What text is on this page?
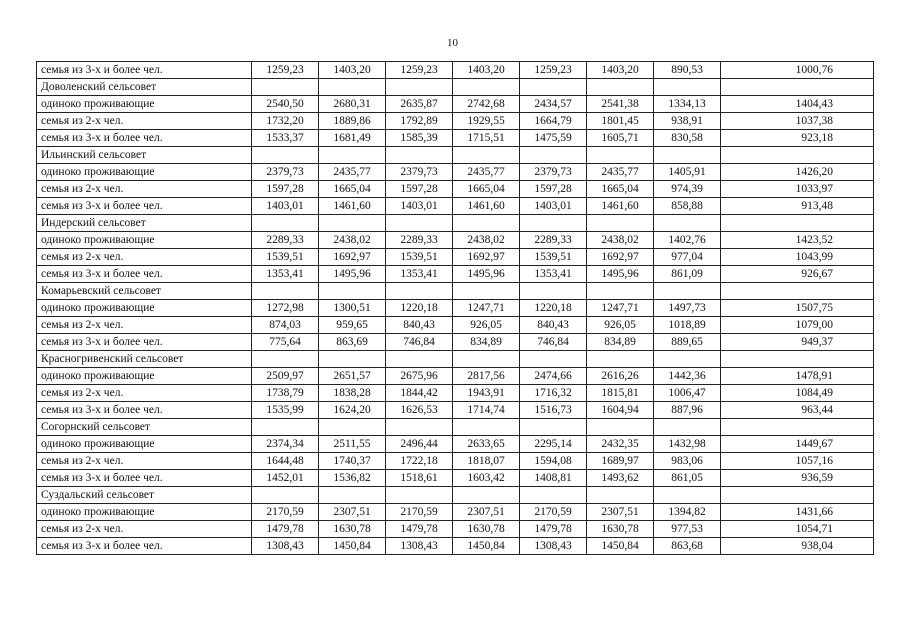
10
семья из 3-х и более чел.	1259,23	1403,20	1259,23	1403,20	1259,23	1403,20	890,53	1000,76
Доволенский сельсовет								
одиноко проживающие	2540,50	2680,31	2635,87	2742,68	2434,57	2541,38	1334,13	1404,43
семья из 2-х чел.	1732,20	1889,86	1792,89	1929,55	1664,79	1801,45	938,91	1037,38
семья из 3-х и более чел.	1533,37	1681,49	1585,39	1715,51	1475,59	1605,71	830,58	923,18
Ильинский сельсовет								
одиноко проживающие	2379,73	2435,77	2379,73	2435,77	2379,73	2435,77	1405,91	1426,20
семья из 2-х чел.	1597,28	1665,04	1597,28	1665,04	1597,28	1665,04	974,39	1033,97
семья из 3-х и более чел.	1403,01	1461,60	1403,01	1461,60	1403,01	1461,60	858,88	913,48
Индерский сельсовет								
одиноко проживающие	2289,33	2438,02	2289,33	2438,02	2289,33	2438,02	1402,76	1423,52
семья из 2-х чел.	1539,51	1692,97	1539,51	1692,97	1539,51	1692,97	977,04	1043,99
семья из 3-х и более чел.	1353,41	1495,96	1353,41	1495,96	1353,41	1495,96	861,09	926,67
Комарьевский сельсовет								
одиноко проживающие	1272,98	1300,51	1220,18	1247,71	1220,18	1247,71	1497,73	1507,75
семья из 2-х чел.	874,03	959,65	840,43	926,05	840,43	926,05	1018,89	1079,00
семья из 3-х и более чел.	775,64	863,69	746,84	834,89	746,84	834,89	889,65	949,37
Красногривенский сельсовет								
одиноко проживающие	2509,97	2651,57	2675,96	2817,56	2474,66	2616,26	1442,36	1478,91
семья из 2-х чел.	1738,79	1838,28	1844,42	1943,91	1716,32	1815,81	1006,47	1084,49
семья из 3-х и более чел.	1535,99	1624,20	1626,53	1714,74	1516,73	1604,94	887,96	963,44
Согорнский сельсовет								
одиноко проживающие	2374,34	2511,55	2496,44	2633,65	2295,14	2432,35	1432,98	1449,67
семья из 2-х чел.	1644,48	1740,37	1722,18	1818,07	1594,08	1689,97	983,06	1057,16
семья из 3-х и более чел.	1452,01	1536,82	1518,61	1603,42	1408,81	1493,62	861,05	936,59
Суздальский сельсовет								
одиноко проживающие	2170,59	2307,51	2170,59	2307,51	2170,59	2307,51	1394,82	1431,66
семья из 2-х чел.	1479,78	1630,78	1479,78	1630,78	1479,78	1630,78	977,53	1054,71
семья из 3-х и более чел.	1308,43	1450,84	1308,43	1450,84	1308,43	1450,84	863,68	938,04
